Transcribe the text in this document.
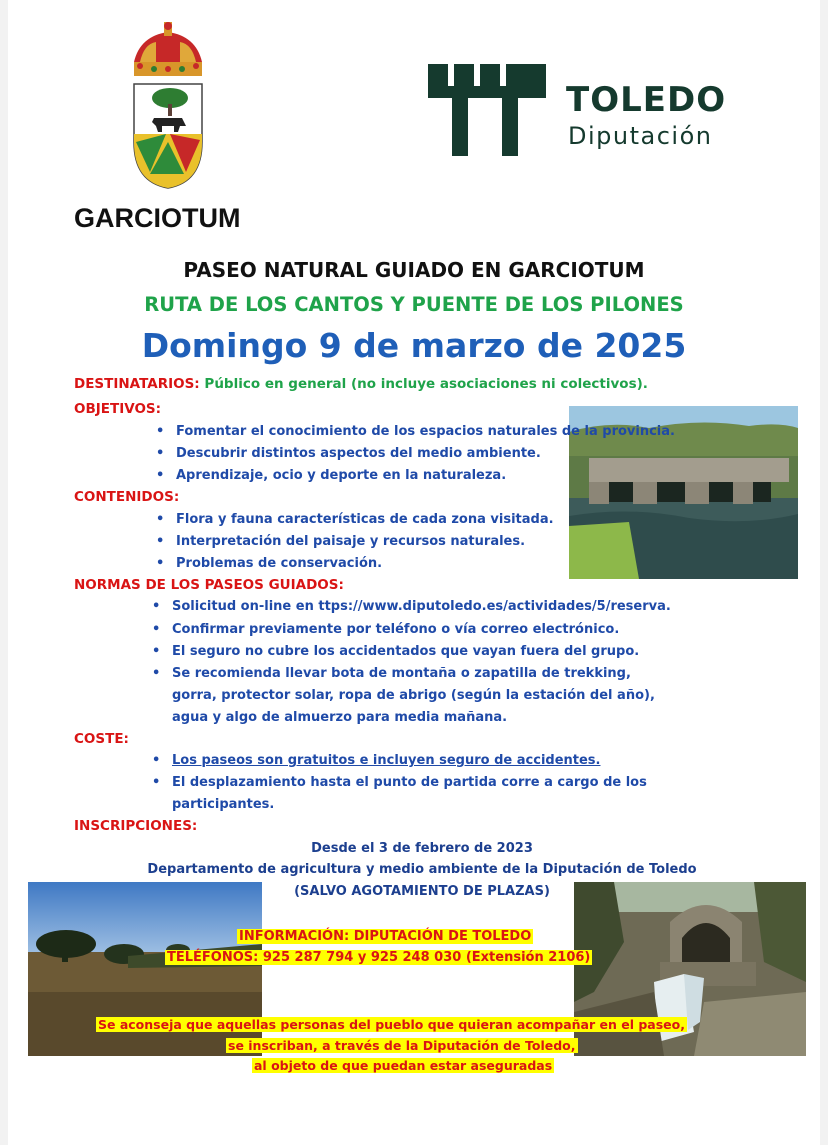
TOLEDO
Diputación
GARCIOTUM
PASEO NATURAL GUIADO EN GARCIOTUM
RUTA DE LOS CANTOS Y PUENTE DE LOS PILONES
Domingo 9 de marzo de 2025
DESTINATARIOS: Público en general (no incluye asociaciones ni colectivos).
OBJETIVOS:
• Fomentar el conocimiento de los espacios naturales de la provincia.
• Descubrir distintos aspectos del medio ambiente.
• Aprendizaje, ocio y deporte en la naturaleza.
CONTENIDOS:
• Flora y fauna características de cada zona visitada.
• Interpretación del paisaje y recursos naturales.
• Problemas de conservación.
NORMAS DE LOS PASEOS GUIADOS:
• Solicitud on-line en ttps://www.diputoledo.es/actividades/5/reserva.
• Confirmar previamente por teléfono o vía correo electrónico.
• El seguro no cubre los accidentados que vayan fuera del grupo.
• Se recomienda llevar bota de montaña o zapatilla de trekking,
gorra, protector solar, ropa de abrigo (según la estación del año),
agua y algo de almuerzo para media mañana.
COSTE:
• Los paseos son gratuitos e incluyen seguro de accidentes.
• El desplazamiento hasta el punto de partida corre a cargo de los
participantes.
INSCRIPCIONES:
Desde el 3 de febrero de 2023
Departamento de agricultura y medio ambiente de la Diputación de Toledo
(SALVO AGOTAMIENTO DE PLAZAS)
INFORMACIÓN: DIPUTACIÓN DE TOLEDO
TELÉFONOS: 925 287 794 y 925 248 030 (Extensión 2106)
Se aconseja que aquellas personas del pueblo que quieran acompañar en el paseo,
se inscriban, a través de la Diputación de Toledo,
al objeto de que puedan estar aseguradas
